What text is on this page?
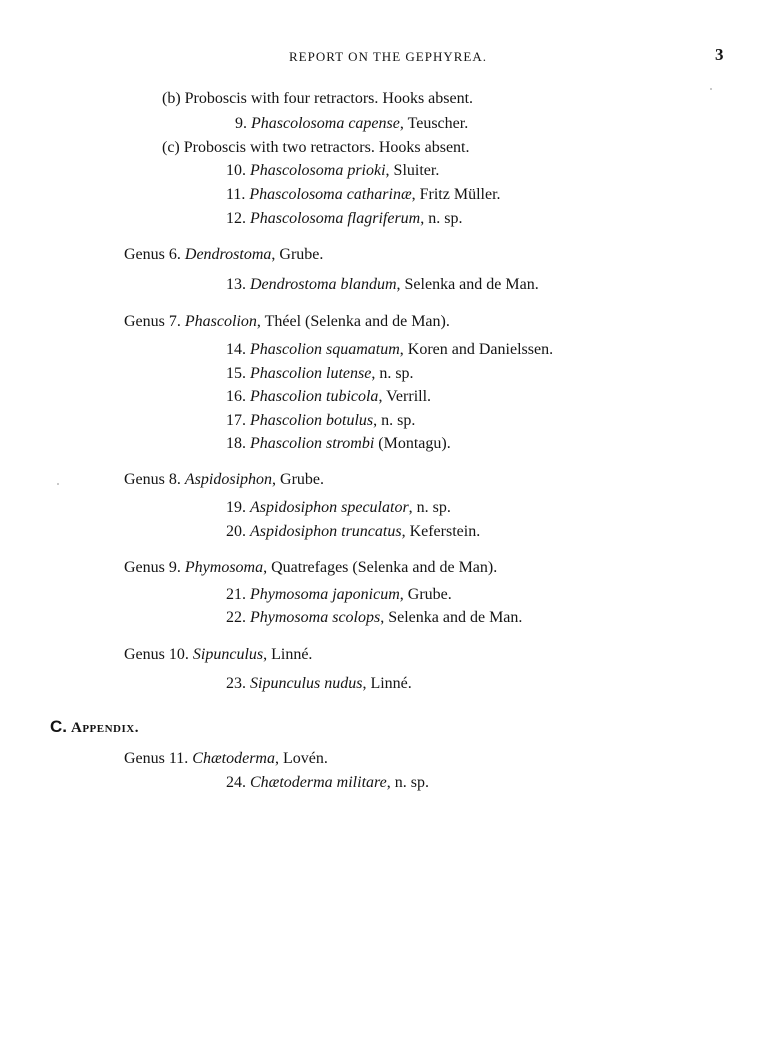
REPORT ON THE GEPHYREA.	3
(b) Proboscis with four retractors. Hooks absent.
9. Phascolosoma capense, Teuscher.
(c) Proboscis with two retractors. Hooks absent.
10. Phascolosoma prioki, Sluiter.
11. Phascolosoma catharinæ, Fritz Müller.
12. Phascolosoma flagriferum, n. sp.
Genus 6. Dendrostoma, Grube.
13. Dendrostoma blandum, Selenka and de Man.
Genus 7. Phascolion, Théel (Selenka and de Man).
14. Phascolion squamatum, Koren and Danielssen.
15. Phascolion lutense, n. sp.
16. Phascolion tubicola, Verrill.
17. Phascolion botulus, n. sp.
18. Phascolion strombi (Montagu).
Genus 8. Aspidosiphon, Grube.
19. Aspidosiphon speculator, n. sp.
20. Aspidosiphon truncatus, Keferstein.
Genus 9. Phymosoma, Quatrefages (Selenka and de Man).
21. Phymosoma japonicum, Grube.
22. Phymosoma scolops, Selenka and de Man.
Genus 10. Sipunculus, Linné.
23. Sipunculus nudus, Linné.
C. Appendix.
Genus 11. Chætoderma, Lovén.
24. Chætoderma militare, n. sp.
